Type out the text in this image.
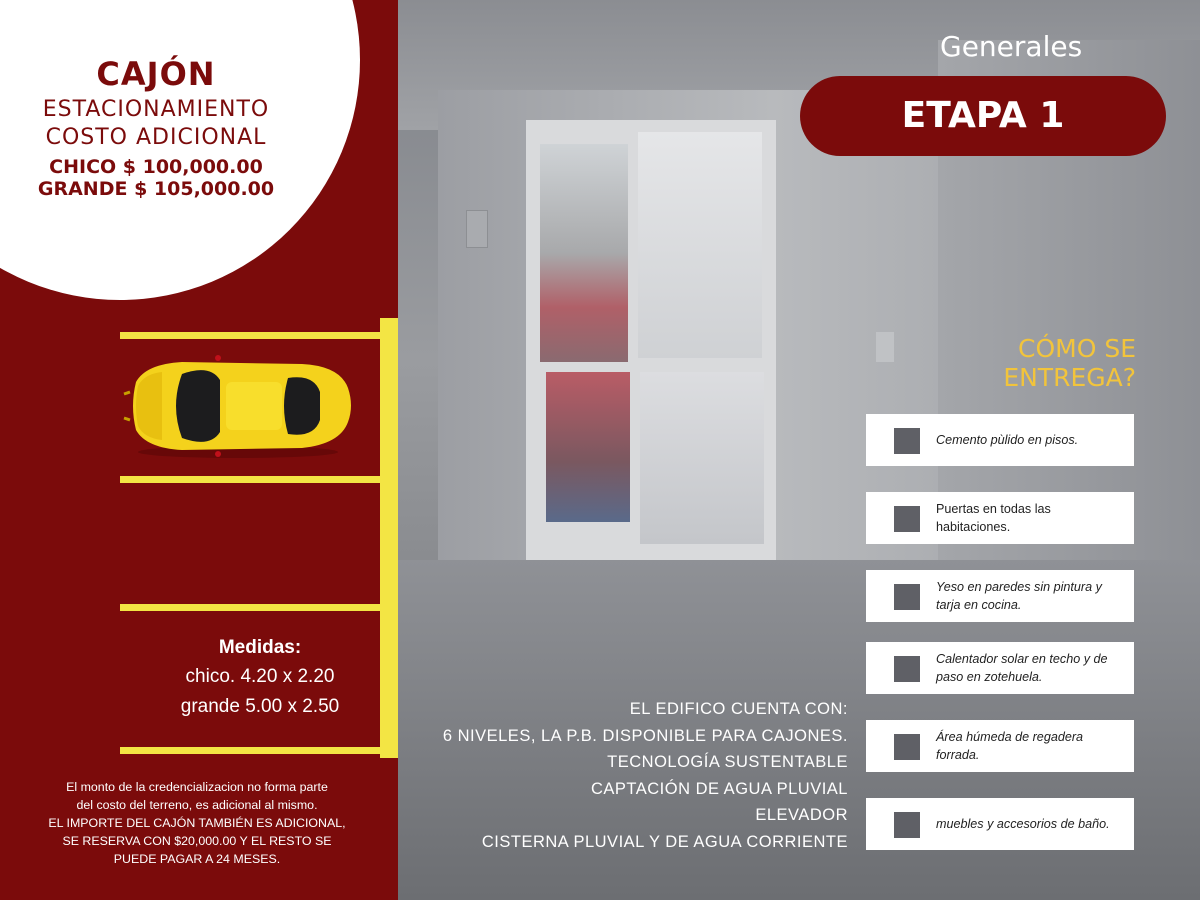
CAJÓN
ESTACIONAMIENTO
COSTO ADICIONAL
CHICO $ 100,000.00
GRANDE $ 105,000.00
Medidas:
chico. 4.20 x 2.20
grande 5.00 x 2.50
El monto de la credencializacion no forma parte
del costo del terreno, es adicional al mismo.
EL IMPORTE DEL CAJÓN TAMBIÉN ES ADICIONAL,
SE RESERVA CON $20,000.00 Y EL RESTO SE
PUEDE PAGAR A 24 MESES.
Generales
ETAPA 1
CÓMO SE
ENTREGA?
Cemento pùlido en pisos.
Puertas en todas las habitaciones.
Yeso en paredes sin pintura y tarja en cocina.
Calentador solar en techo y de paso en zotehuela.
Área húmeda de regadera forrada.
muebles y accesorios de baño.
EL EDIFICO CUENTA CON:
6 NIVELES, LA P.B. DISPONIBLE PARA CAJONES.
TECNOLOGÍA SUSTENTABLE
CAPTACIÓN DE AGUA PLUVIAL
ELEVADOR
CISTERNA PLUVIAL Y DE AGUA CORRIENTE
